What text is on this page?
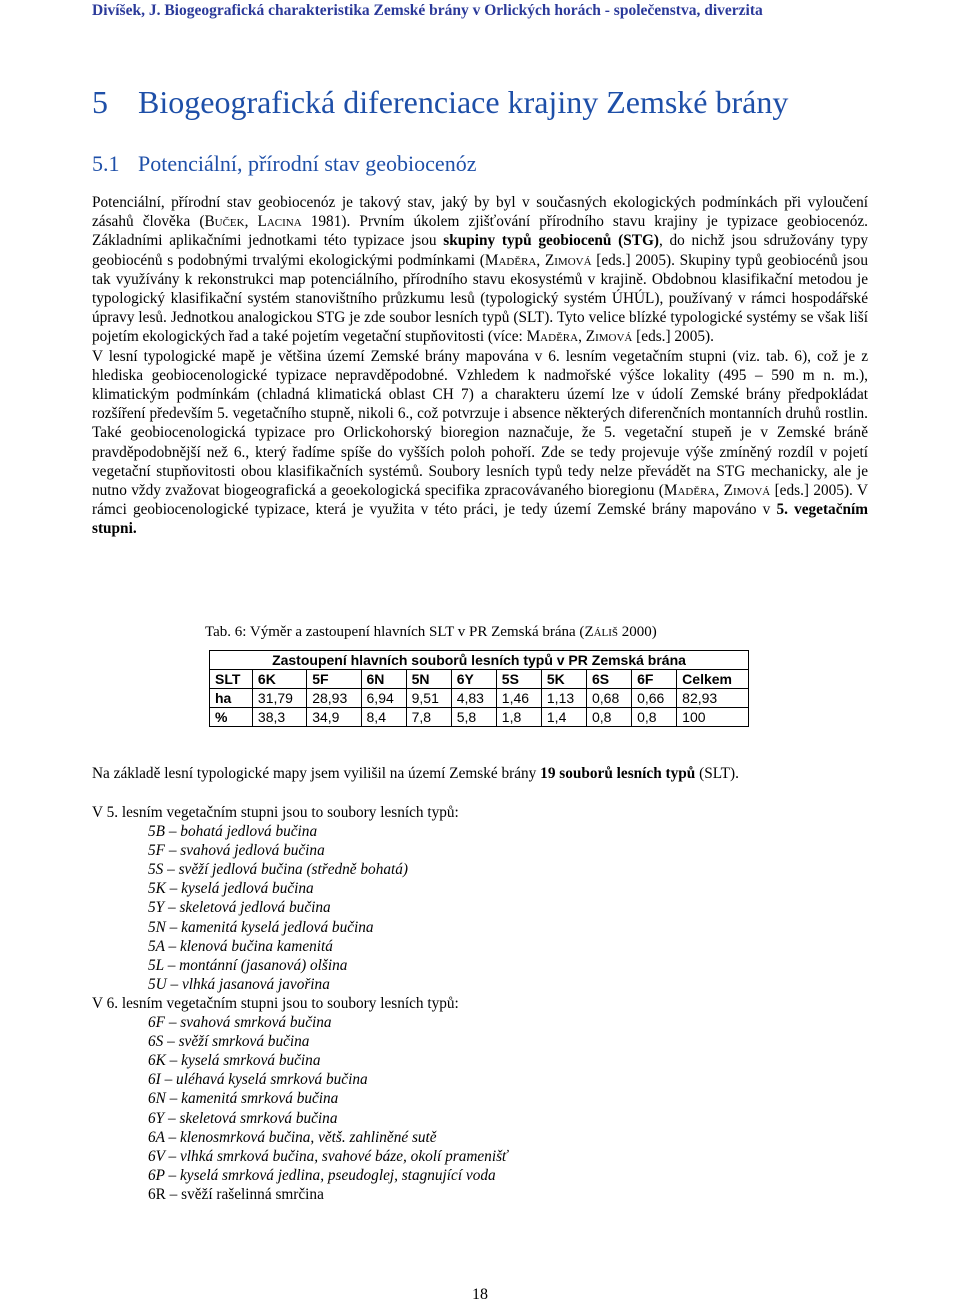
Divíšek, J. Biogeografická charakteristika Zemské brány v Orlických horách - společenstva, diverzita
5 Biogeografická diferenciace krajiny Zemské brány
5.1 Potenciální, přírodní stav geobiocenóz

Potenciální, přírodní stav geobiocenóz je takový stav, jaký by byl v současných ekologických podmínkách při vyloučení zásahů člověka (Buček, Lacina 1981). Prvním úkolem zjišťování přírodního stavu krajiny je typizace geobiocenóz. Základními aplikačními jednotkami této typizace jsou skupiny typů geobiocenů (STG), do nichž jsou sdružovány typy geobiocénů s podobnými trvalými ekologickými podmínkami (Maděra, Zimová [eds.] 2005). Skupiny typů geobiocénů jsou tak využívány k rekonstrukci map potenciálního, přírodního stavu ekosystémů v krajině. Obdobnou klasifikační metodou je typologický klasifikační systém stanovištního průzkumu lesů (typologický systém ÚHÚL), používaný v rámci hospodářské úpravy lesů. Jednotkou analogickou STG je zde soubor lesních typů (SLT). Tyto velice blízké typologické systémy se však liší pojetím ekologických řad a také pojetím vegetační stupňovitosti (více: Maděra, Zimová [eds.] 2005).

V lesní typologické mapě je většina území Zemské brány mapována v 6. lesním vegetačním stupni (viz. tab. 6), což je z hlediska geobiocenologické typizace nepravděpodobné. Vzhledem k nadmořské výšce lokality (495 – 590 m n. m.), klimatickým podmínkám (chladná klimatická oblast CH 7) a charakteru území lze v údolí Zemské brány předpokládat rozšíření především 5. vegetačního stupně, nikoli 6., což potvrzuje i absence některých diferenčních montanních druhů rostlin. Také geobiocenologická typizace pro Orlickohorský bioregion naznačuje, že 5. vegetační stupeň je v Zemské bráně pravděpodobnější než 6., který řadíme spíše do vyšších poloh pohoří. Zde se tedy projevuje výše zmíněný rozdíl v pojetí vegetační stupňovitosti obou klasifikačních systémů. Soubory lesních typů tedy nelze převádět na STG mechanicky, ale je nutno vždy zvažovat biogeografická a geoekologická specifika zpracovávaného bioregionu (Maděra, Zimová [eds.] 2005). V rámci geobiocenologické typizace, která je využita v této práci, je tedy území Zemské brány mapováno v 5. vegetačním stupni.

Tab. 6: Výměr a zastoupení hlavních SLT v PR Zemská brána (Záliš 2000)
Zastoupení hlavních souborů lesních typů v PR Zemská brána										
SLT	6K	5F	6N	5N	6Y	5S	5K	6S	6F	Celkem
ha	31,79	28,93	6,94	9,51	4,83	1,46	1,13	0,68	0,66	82,93
%	38,3	34,9	8,4	7,8	5,8	1,8	1,4	0,8	0,8	100
Na základě lesní typologické mapy jsem vyilišil na území Zemské brány 19 souborů lesních typů (SLT).

V 5. lesním vegetačním stupni jsou to soubory lesních typů:

5B – bohatá jedlová bučina

5F – svahová jedlová bučina

5S – svěží jedlová bučina (středně bohatá)

5K – kyselá jedlová bučina

5Y – skeletová jedlová bučina

5N – kamenitá kyselá jedlová bučina

5A – klenová bučina kamenitá

5L – montánní (jasanová) olšina

5U – vlhká jasanová javořina

V 6. lesním vegetačním stupni jsou to soubory lesních typů:

6F – svahová smrková bučina

6S – svěží smrková bučina

6K – kyselá smrková bučina

6I – uléhavá kyselá smrková bučina

6N – kamenitá smrková bučina

6Y – skeletová smrková bučina

6A – klenosmrková bučina, větš. zahliněné sutě

6V – vlhká smrková bučina, svahové báze, okolí pramenišť

6P – kyselá smrková jedlina, pseudoglej, stagnující voda

6R – svěží rašelinná smrčina

18
